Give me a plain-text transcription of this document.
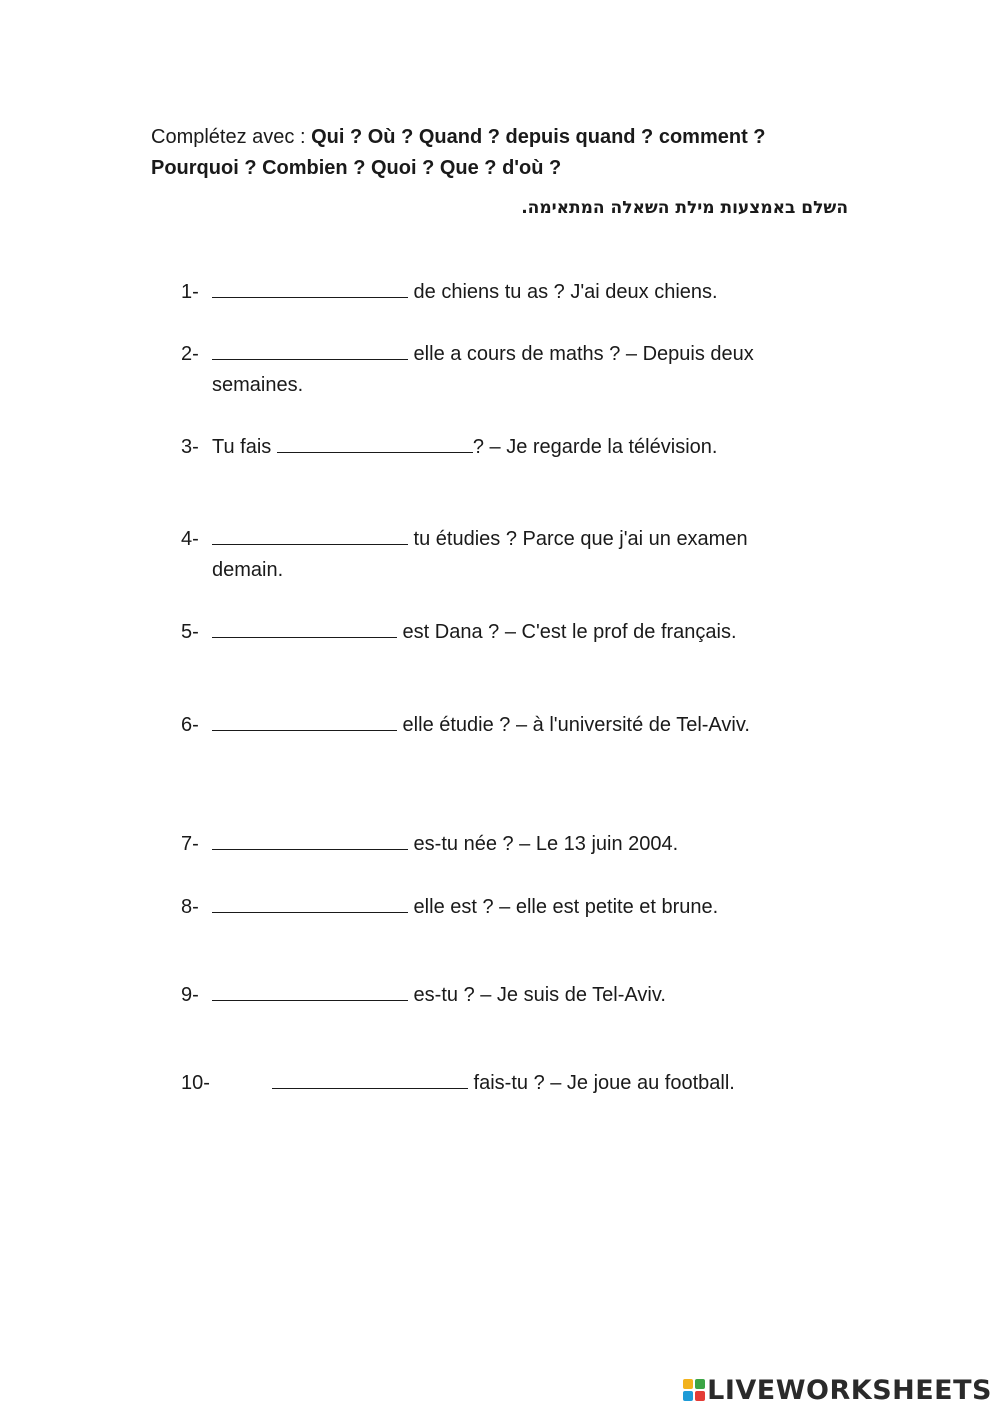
Complétez avec : Qui ? Où ? Quand ? depuis quand ? comment ?
Pourquoi ? Combien ? Quoi ? Que ? d'où ?
השלם באמצעות מילת השאלה המתאימה.
1-	de chiens tu as ? J'ai deux chiens.
2-	elle a cours de maths ? – Depuis deux semaines.
3- Tu fais	? – Je regarde la télévision.
4-	tu étudies ? Parce que j'ai un examen demain.
5-	est Dana ? – C'est le prof de français.
6-	elle étudie ? – à l'université de Tel-Aviv.
7-	es-tu née ? – Le 13 juin 2004.
8-	elle est ? – elle est petite et brune.
9-	es-tu ? – Je suis de Tel-Aviv.
10-	fais-tu ? – Je joue au football.
LIVEWORKSHEETS
